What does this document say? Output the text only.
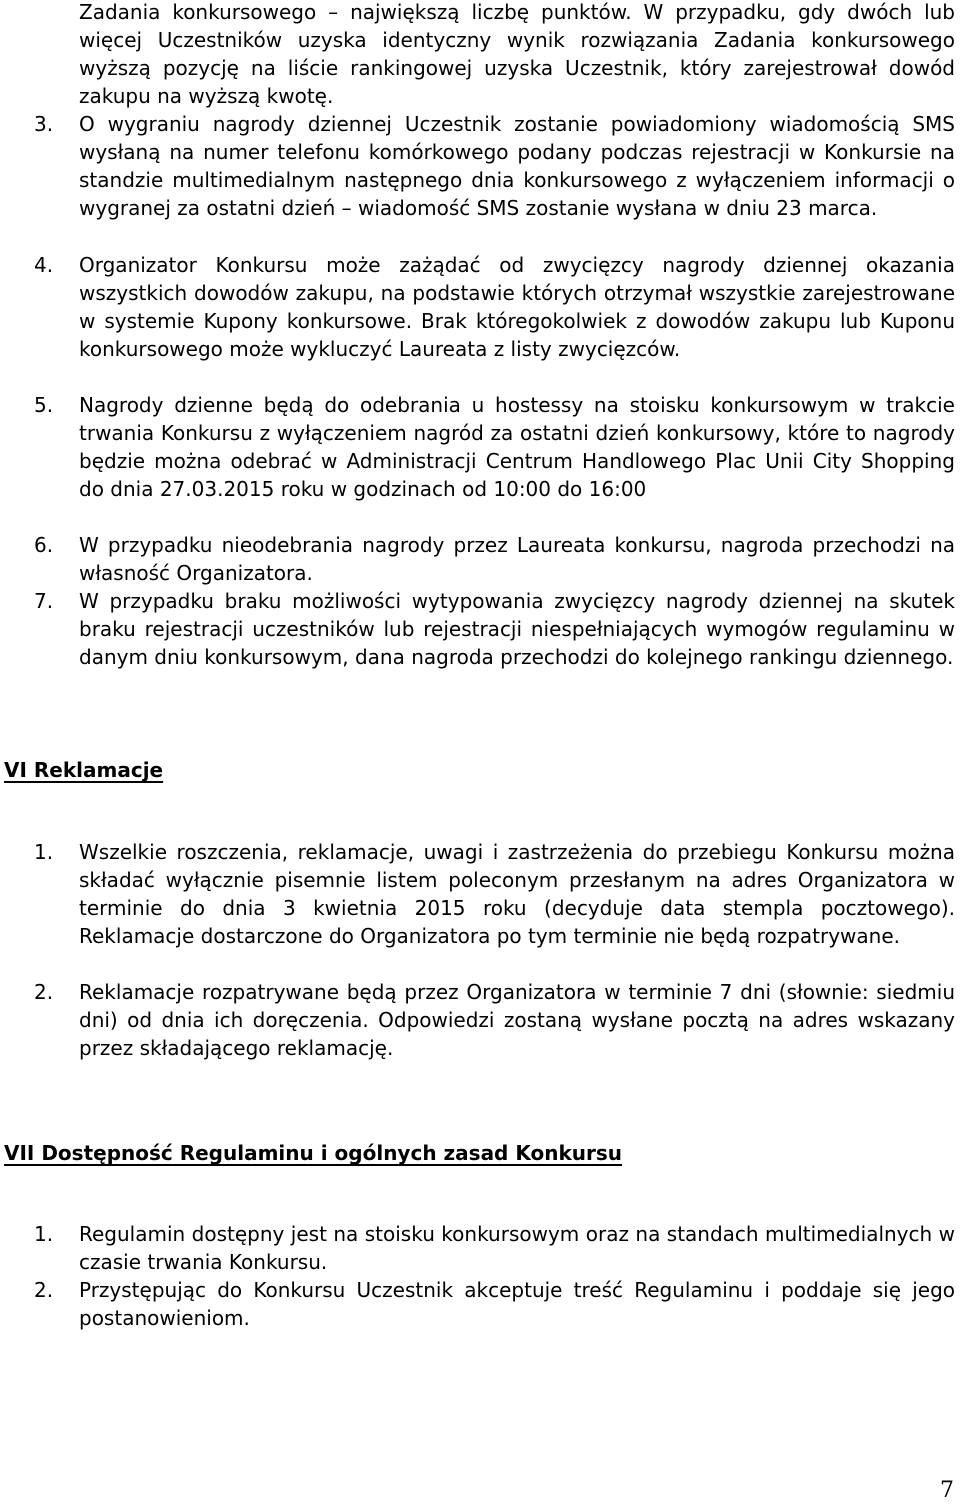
Zadania konkursowego – największą liczbę punktów. W przypadku, gdy dwóch lub więcej Uczestników uzyska identyczny wynik rozwiązania Zadania konkursowego wyższą pozycję na liście rankingowej uzyska Uczestnik, który zarejestrował dowód zakupu na wyższą kwotę.

3.	O wygraniu nagrody dziennej Uczestnik zostanie powiadomiony wiadomością SMS wysłaną na numer telefonu komórkowego podany podczas rejestracji w Konkursie na standzie multimedialnym następnego dnia konkursowego z wyłączeniem informacji o wygranej za ostatni dzień – wiadomość SMS zostanie wysłana w dniu 23 marca.
4.	Organizator Konkursu może zażądać od zwycięzcy nagrody dziennej okazania wszystkich dowodów zakupu, na podstawie których otrzymał wszystkie zarejestrowane w systemie Kupony konkursowe. Brak któregokolwiek z dowodów zakupu lub Kuponu konkursowego może wykluczyć Laureata z listy zwycięzców.
5.	Nagrody dzienne będą do odebrania u hostessy na stoisku konkursowym w trakcie trwania Konkursu z wyłączeniem nagród za ostatni dzień konkursowy, które to nagrody będzie można odebrać w Administracji Centrum Handlowego Plac Unii City Shopping do dnia 27.03.2015 roku w godzinach od 10:00 do 16:00
6.	W przypadku nieodebrania nagrody przez Laureata konkursu, nagroda przechodzi na własność Organizatora.
7.	W przypadku braku możliwości wytypowania zwycięzcy nagrody dziennej na skutek braku rejestracji uczestników lub rejestracji niespełniających wymogów regulaminu w danym dniu konkursowym, dana nagroda przechodzi do kolejnego rankingu dziennego.
VI Reklamacje
1.	Wszelkie roszczenia, reklamacje, uwagi i zastrzeżenia do przebiegu Konkursu można składać wyłącznie pisemnie listem poleconym przesłanym na adres Organizatora w terminie do dnia 3 kwietnia 2015 roku (decyduje data stempla pocztowego). Reklamacje dostarczone do Organizatora po tym terminie nie będą rozpatrywane.
2.	Reklamacje rozpatrywane będą przez Organizatora w terminie 7 dni (słownie: siedmiu dni) od dnia ich doręczenia. Odpowiedzi zostaną wysłane pocztą na adres wskazany przez składającego reklamację.
VII Dostępność Regulaminu i ogólnych zasad Konkursu
1.	Regulamin dostępny jest na stoisku konkursowym oraz na standach multimedialnych w czasie trwania Konkursu.
2.	Przystępując do Konkursu Uczestnik akceptuje treść Regulaminu i poddaje się jego postanowieniom.
7
